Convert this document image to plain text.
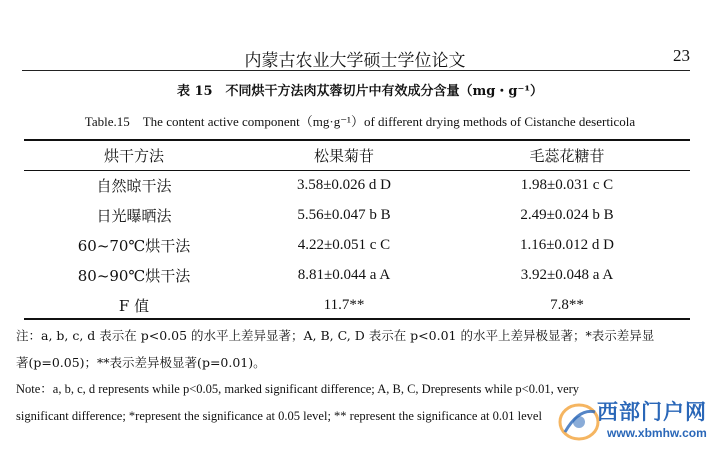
内蒙古农业大学硕士学位论文	23
表 15　不同烘干方法肉苁蓉切片中有效成分含量（mg・g⁻¹）
Table.15　The content active component（mg·g⁻¹）of different drying methods of Cistanche deserticola
烘干方法	松果菊苷	毛蕊花糖苷
自然晾干法	3.58±0.026 d D	1.98±0.031 c C
日光曝晒法	5.56±0.047 b B	2.49±0.024 b B
60~70℃烘干法	4.22±0.051 c C	1.16±0.012 d D
80~90℃烘干法	8.81±0.044 a A	3.92±0.048 a A
F 值	11.7**	7.8**
注：a, b, c, d 表示在 p<0.05 的水平上差异显著；A, B, C, D 表示在 p<0.01 的水平上差异极显著；*表示差异显
著(p=0.05)；**表示差异极显著(p=0.01)。
Note：a, b, c, d represents while p<0.05, marked significant difference; A, B, C, Drepresents while p<0.01, very
significant difference; *represent the significance at 0.05 level; ** represent the significance at 0.01 level	西部门户网
www.xbmhw.com
